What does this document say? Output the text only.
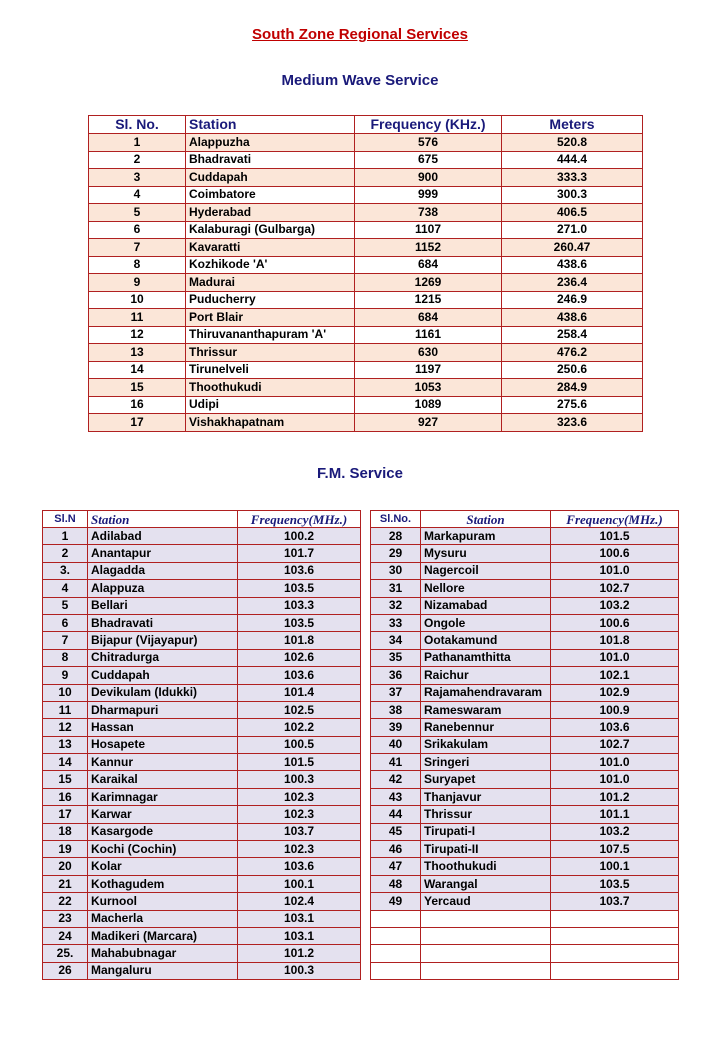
South Zone Regional Services
Medium Wave Service
Sl. No.	Station	Frequency (KHz.)	Meters
1	Alappuzha	576	520.8
2	Bhadravati	675	444.4
3	Cuddapah	900	333.3
4	Coimbatore	999	300.3
5	Hyderabad	738	406.5
6	Kalaburagi (Gulbarga)	1107	271.0
7	Kavaratti	1152	260.47
8	Kozhikode 'A'	684	438.6
9	Madurai	1269	236.4
10	Puducherry	1215	246.9
11	Port Blair	684	438.6
12	Thiruvananthapuram 'A'	1161	258.4
13	Thrissur	630	476.2
14	Tirunelveli	1197	250.6
15	Thoothukudi	1053	284.9
16	Udipi	1089	275.6
17	Vishakhapatnam	927	323.6
F.M. Service
Sl.N	Station	Frequency(MHz.)
1	Adilabad	100.2
2	Anantapur	101.7
3.	Alagadda	103.6
4	Alappuza	103.5
5	Bellari	103.3
6	Bhadravati	103.5
7	Bijapur (Vijayapur)	101.8
8	Chitradurga	102.6
9	Cuddapah	103.6
10	Devikulam (Idukki)	101.4
11	Dharmapuri	102.5
12	Hassan	102.2
13	Hosapete	100.5
14	Kannur	101.5
15	Karaikal	100.3
16	Karimnagar	102.3
17	Karwar	102.3
18	Kasargode	103.7
19	Kochi (Cochin)	102.3
20	Kolar	103.6
21	Kothagudem	100.1
22	Kurnool	102.4
23	Macherla	103.1
24	Madikeri (Marcara)	103.1
25.	Mahabubnagar	101.2
26	Mangaluru	100.3
Sl.No.	Station	Frequency(MHz.)
28	Markapuram	101.5
29	Mysuru	100.6
30	Nagercoil	101.0
31	Nellore	102.7
32	Nizamabad	103.2
33	Ongole	100.6
34	Ootakamund	101.8
35	Pathanamthitta	101.0
36	Raichur	102.1
37	Rajamahendravaram	102.9
38	Rameswaram	100.9
39	Ranebennur	103.6
40	Srikakulam	102.7
41	Sringeri	101.0
42	Suryapet	101.0
43	Thanjavur	101.2
44	Thrissur	101.1
45	Tirupati-I	103.2
46	Tirupati-II	107.5
47	Thoothukudi	100.1
48	Warangal	103.5
49	Yercaud	103.7
